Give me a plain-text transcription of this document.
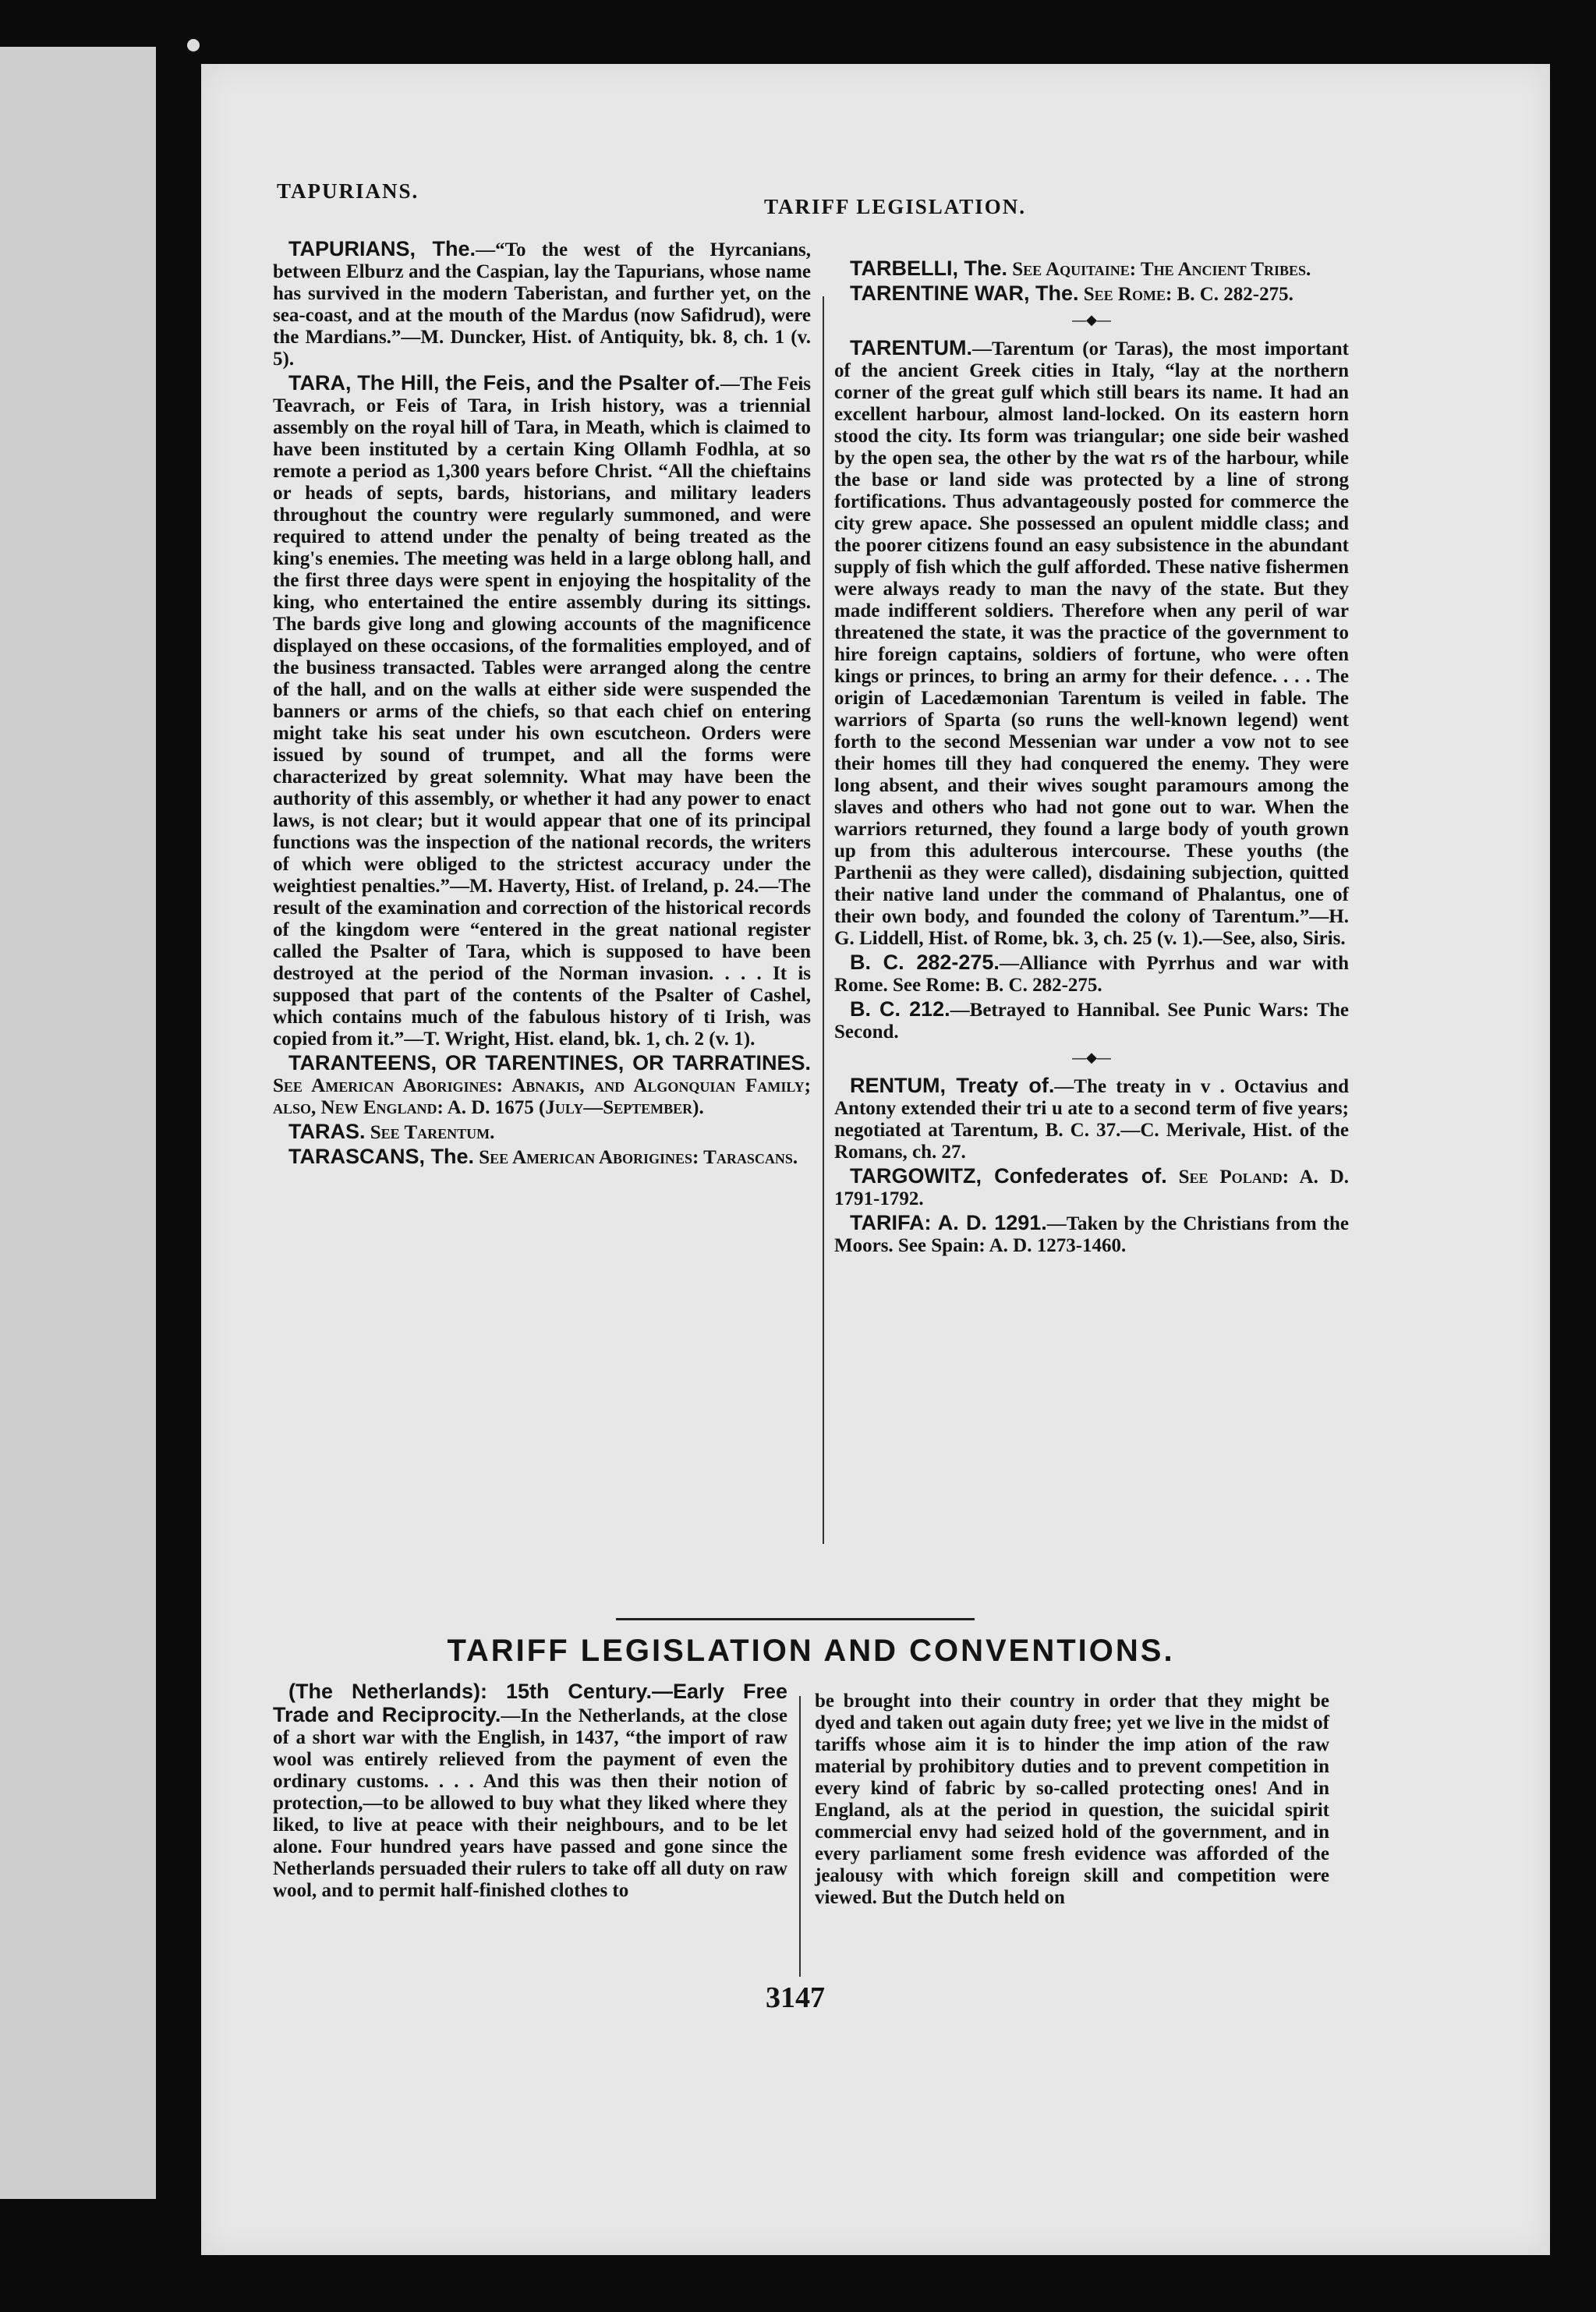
TAPURIANS.
TARIFF LEGISLATION.

TAPURIANS, The.—“To the west of the Hyrcanians, between Elburz and the Caspian, lay the Tapurians, whose name has survived in the modern Taberistan, and further yet, on the sea-coast, and at the mouth of the Mardus (now Safidrud), were the Mardians.”—M. Duncker, Hist. of Antiquity, bk. 8, ch. 1 (v. 5).

TARA, The Hill, the Feis, and the Psalter of.—The Feis Teavrach, or Feis of Tara, in Irish history, was a triennial assembly on the royal hill of Tara, in Meath, which is claimed to have been instituted by a certain King Ollamh Fodhla, at so remote a period as 1,300 years before Christ. “All the chieftains or heads of septs, bards, historians, and military leaders throughout the country were regularly summoned, and were required to attend under the penalty of being treated as the king's enemies. The meeting was held in a large oblong hall, and the first three days were spent in enjoying the hospitality of the king, who entertained the entire assembly during its sittings. The bards give long and glowing accounts of the magnificence displayed on these occasions, of the formalities employed, and of the business transacted. Tables were arranged along the centre of the hall, and on the walls at either side were suspended the banners or arms of the chiefs, so that each chief on entering might take his seat under his own escutcheon. Orders were issued by sound of trumpet, and all the forms were characterized by great solemnity. What may have been the authority of this assembly, or whether it had any power to enact laws, is not clear; but it would appear that one of its principal functions was the inspection of the national records, the writers of which were obliged to the strictest accuracy under the weightiest penalties.”—M. Haverty, Hist. of Ireland, p. 24.—The result of the examination and correction of the historical records of the kingdom were “entered in the great national register called the Psalter of Tara, which is supposed to have been destroyed at the period of the Norman invasion. . . . It is supposed that part of the contents of the Psalter of Cashel, which contains much of the fabulous history of ti Irish, was copied from it.”—T. Wright, Hist. eland, bk. 1, ch. 2 (v. 1).

TARANTEENS, OR TARENTINES, OR TARRATINES. See American Aborigines: Abnakis, and Algonquian Family; also, New England: A. D. 1675 (July—September).

TARAS. See Tarentum.

TARASCANS, The. See American Aborigines: Tarascans.

TARBELLI, The. See Aquitaine: The Ancient Tribes.

TARENTINE WAR, The. See Rome: B. C. 282-275.

—◆—

TARENTUM.—Tarentum (or Taras), the most important of the ancient Greek cities in Italy, “lay at the northern corner of the great gulf which still bears its name. It had an excellent harbour, almost land-locked. On its eastern horn stood the city. Its form was triangular; one side beir washed by the open sea, the other by the wat rs of the harbour, while the base or land side was protected by a line of strong fortifications. Thus advantageously posted for commerce the city grew apace. She possessed an opulent middle class; and the poorer citizens found an easy subsistence in the abundant supply of fish which the gulf afforded. These native fishermen were always ready to man the navy of the state. But they made indifferent soldiers. Therefore when any peril of war threatened the state, it was the practice of the government to hire foreign captains, soldiers of fortune, who were often kings or princes, to bring an army for their defence. . . . The origin of Lacedæmonian Tarentum is veiled in fable. The warriors of Sparta (so runs the well-known legend) went forth to the second Messenian war under a vow not to see their homes till they had conquered the enemy. They were long absent, and their wives sought paramours among the slaves and others who had not gone out to war. When the warriors returned, they found a large body of youth grown up from this adulterous intercourse. These youths (the Parthenii as they were called), disdaining subjection, quitted their native land under the command of Phalantus, one of their own body, and founded the colony of Tarentum.”—H. G. Liddell, Hist. of Rome, bk. 3, ch. 25 (v. 1).—See, also, Siris.

B. C. 282-275.—Alliance with Pyrrhus and war with Rome. See Rome: B. C. 282-275.

B. C. 212.—Betrayed to Hannibal. See Punic Wars: The Second.

—◆—

RENTUM, Treaty of.—The treaty in v . Octavius and Antony extended their tri u ate to a second term of five years; negotiated at Tarentum, B. C. 37.—C. Merivale, Hist. of the Romans, ch. 27.

TARGOWITZ, Confederates of. See Poland: A. D. 1791-1792.

TARIFA: A. D. 1291.—Taken by the Christians from the Moors. See Spain: A. D. 1273-1460.

TARIFF LEGISLATION AND CONVENTIONS.

(The Netherlands): 15th Century.—Early Free Trade and Reciprocity.—In the Netherlands, at the close of a short war with the English, in 1437, “the import of raw wool was entirely relieved from the payment of even the ordinary customs. . . . And this was then their notion of protection,—to be allowed to buy what they liked where they liked, to live at peace with their neighbours, and to be let alone. Four hundred years have passed and gone since the Netherlands persuaded their rulers to take off all duty on raw wool, and to permit half-finished clothes to

be brought into their country in order that they might be dyed and taken out again duty free; yet we live in the midst of tariffs whose aim it is to hinder the imp ation of the raw material by prohibitory duties and to prevent competition in every kind of fabric by so-called protecting ones! And in England, als at the period in question, the suicidal spirit commercial envy had seized hold of the government, and in every parliament some fresh evidence was afforded of the jealousy with which foreign skill and competition were viewed. But the Dutch held on

3147
